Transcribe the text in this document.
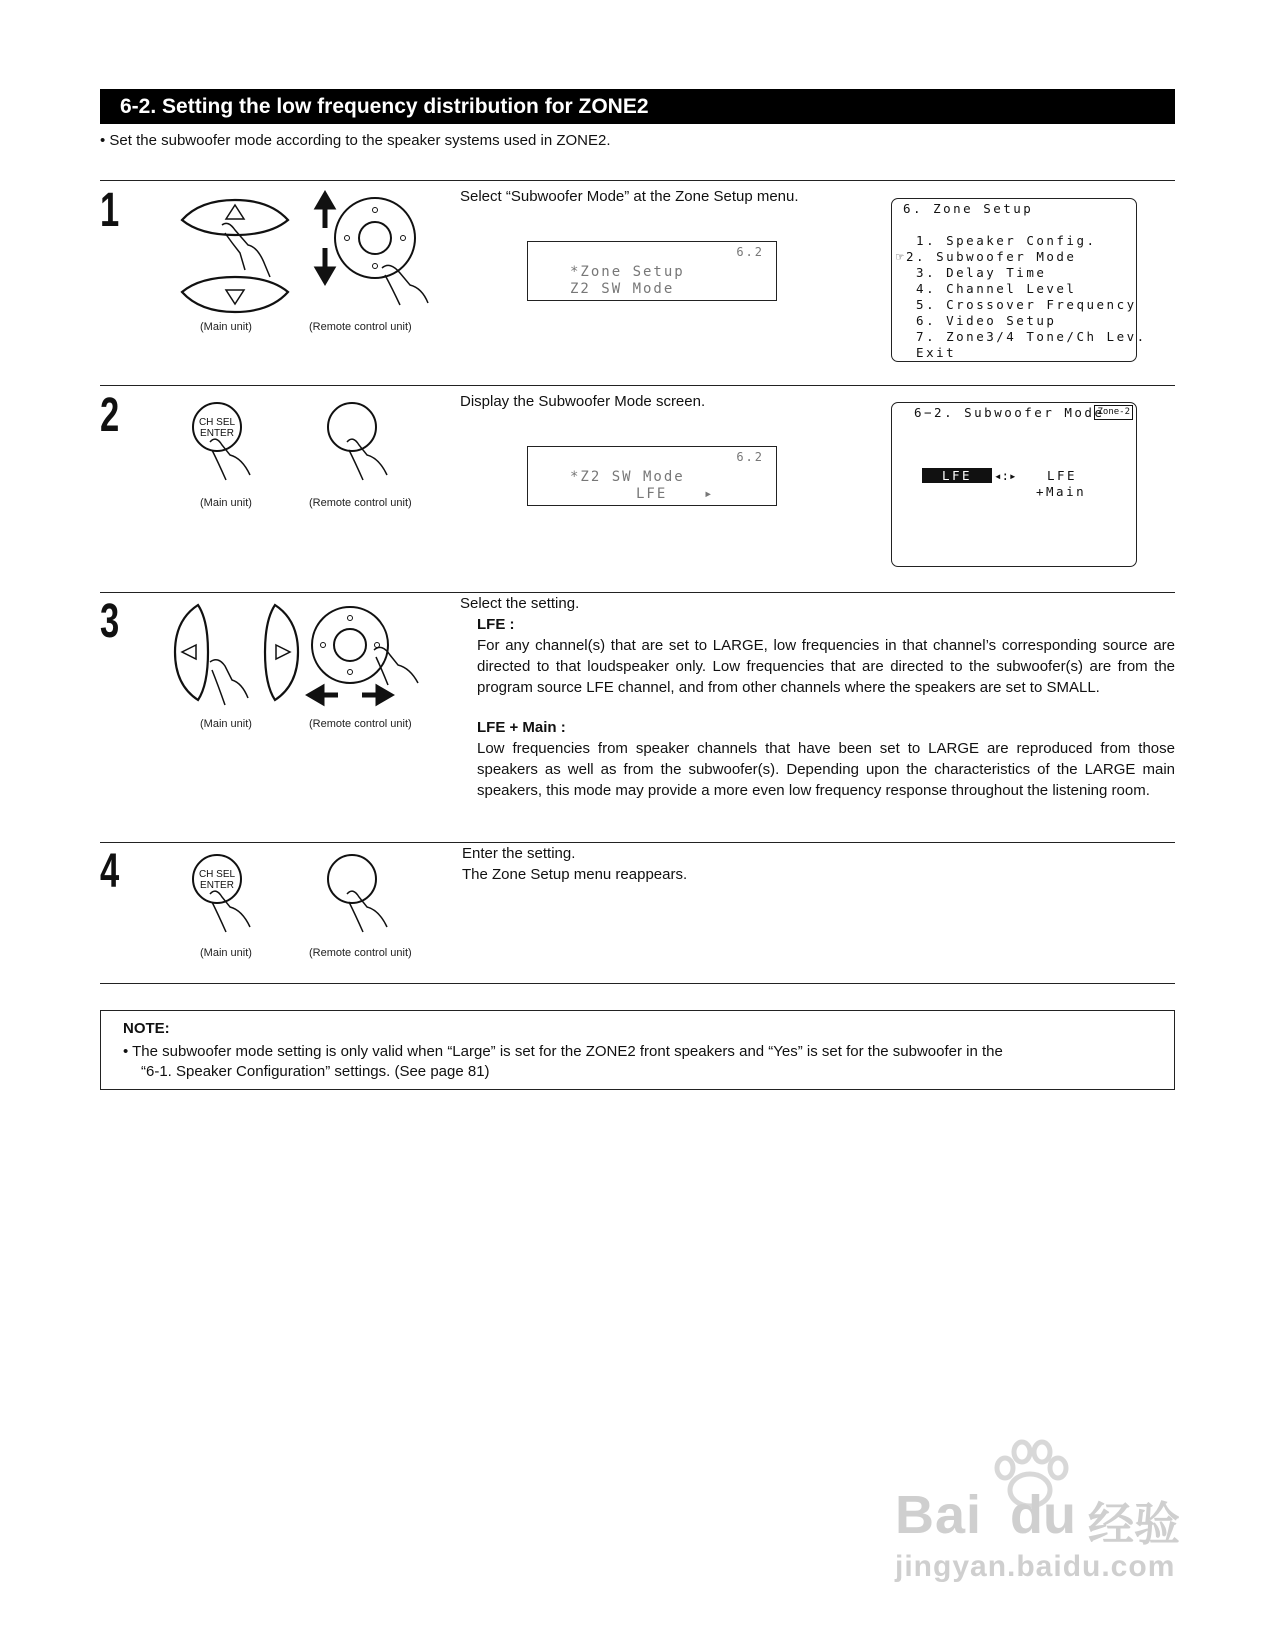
6-2. Setting the low frequency distribution for ZONE2
• Set the subwoofer mode according to the speaker systems used in ZONE2.
1
(Main unit)	(Remote control unit)
Select “Subwoofer Mode” at the Zone Setup menu.
6.2
*Zone Setup
Z2 SW Mode
6. Zone Setup
1. Speaker Config.
☞2. Subwoofer Mode
3. Delay Time
4. Channel Level
5. Crossover Frequency
6. Video Setup
7. Zone3/4 Tone/Ch Lev.
Exit
2	CH SEL
ENTER
(Main unit)	(Remote control unit)
Display the Subwoofer Mode screen.
6.2
*Z2 SW Mode
LFE	▸
6−2. Subwoofer Mode
Zone-2
LFE	◂:▸ LFE
+Main
3
(Main unit)	(Remote control unit)
Select the setting.
LFE :
For any channel(s) that are set to LARGE, low frequencies in that channel’s corresponding source are directed to that loudspeaker only. Low frequencies that are directed to the subwoofer(s) are from the program source LFE channel, and from other channels where the speakers are set to SMALL.
LFE + Main :
Low frequencies from speaker channels that have been set to LARGE are reproduced from those speakers as well as from the subwoofer(s). Depending upon the characteristics of the LARGE main speakers, this mode may provide a more even low frequency response throughout the listening room.
4	CH SEL
ENTER
(Main unit)	(Remote control unit)
Enter the setting.
The Zone Setup menu reappears.
NOTE:
• The subwoofer mode setting is only valid when “Large” is set for the ZONE2 front speakers and “Yes” is set for the subwoofer in the
“6-1. Speaker Configuration” settings. (See page 81)
Bai du 经验
jingyan.baidu.com
